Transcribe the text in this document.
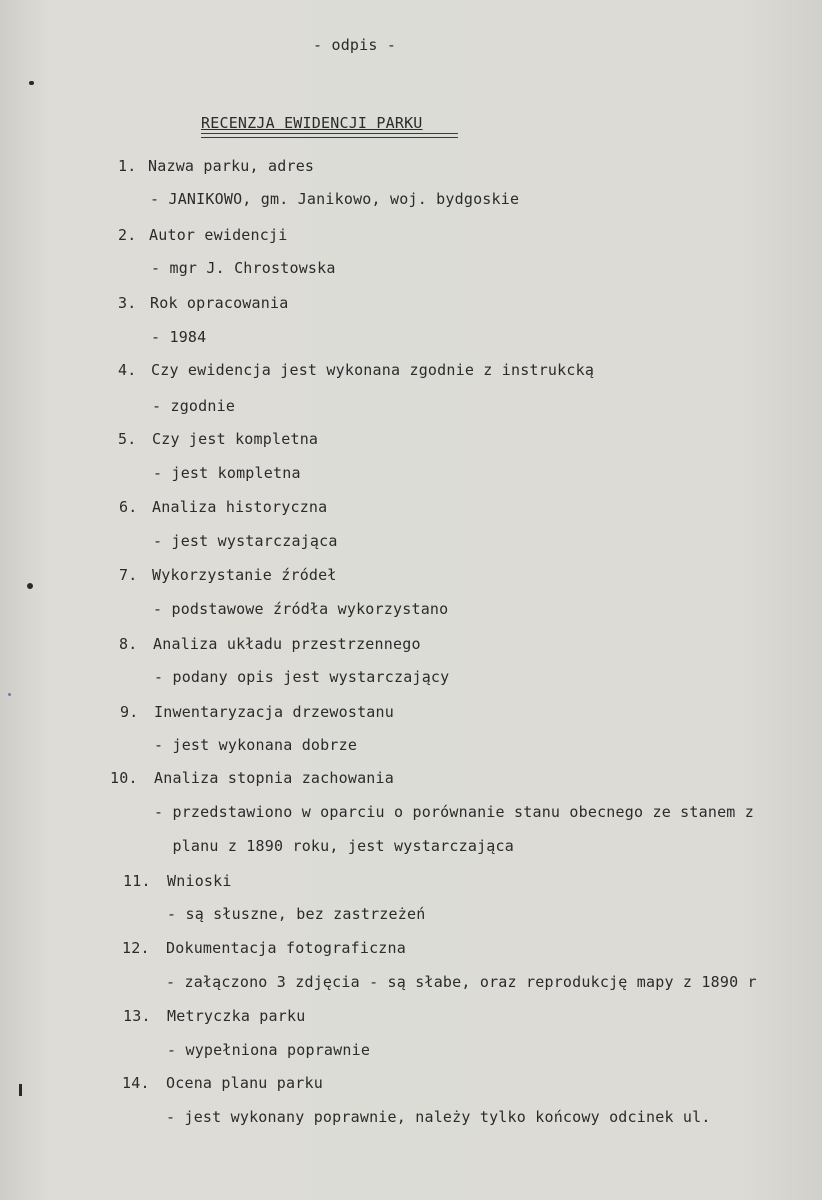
- odpis -
RECENZJA EWIDENCJI PARKU
1. Nazwa parku, adres
- JANIKOWO, gm. Janikowo, woj. bydgoskie
2. Autor ewidencji
- mgr J. Chrostowska
3. Rok opracowania
- 1984
4. Czy ewidencja jest wykonana zgodnie z instrukcką
- zgodnie
5. Czy jest kompletna
- jest kompletna
6. Analiza historyczna
- jest wystarczająca
7. Wykorzystanie źródeł
- podstawowe źródła wykorzystano
8. Analiza układu przestrzennego
- podany opis jest wystarczający
9. Inwentaryzacja drzewostanu
- jest wykonana dobrze
10. Analiza stopnia zachowania
- przedstawiono w oparciu o porównanie stanu obecnego ze stanem z
planu z 1890 roku, jest wystarczająca
11. Wnioski
- są słuszne, bez zastrzeżeń
12. Dokumentacja fotograficzna
- załączono 3 zdjęcia - są słabe, oraz reprodukcję mapy z 1890 r
13. Metryczka parku
- wypełniona poprawnie
14. Ocena planu parku
- jest wykonany poprawnie, należy tylko końcowy odcinek ul.
